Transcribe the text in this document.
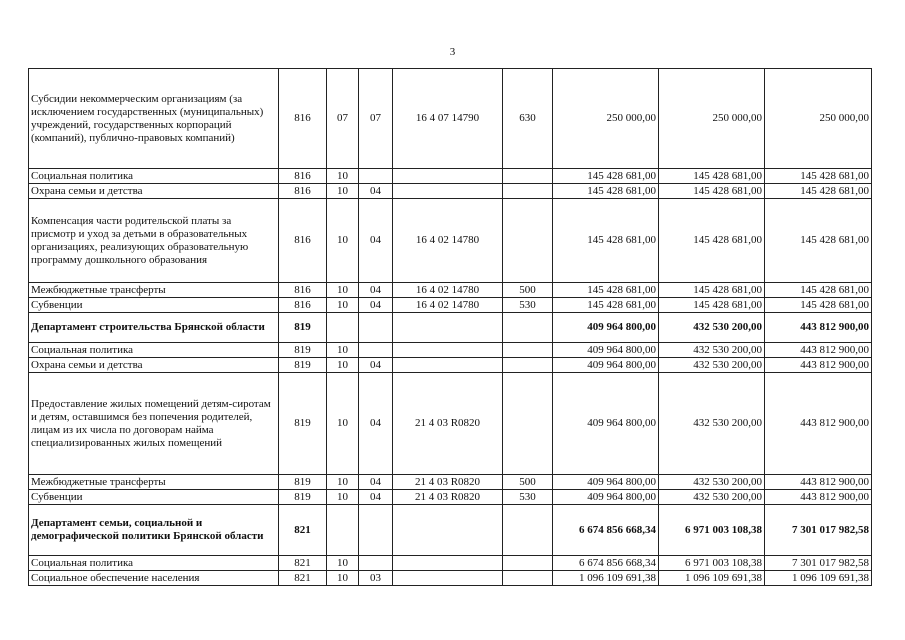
3
Субсидии некоммерческим организациям (за исключением государственных (муниципальных) учреждений, государственных корпораций (компаний), публично-правовых компаний)	816	07	07	16 4 07 14790	630	250 000,00	250 000,00	250 000,00
Социальная политика	816	10				145 428 681,00	145 428 681,00	145 428 681,00
Охрана семьи и детства	816	10	04			145 428 681,00	145 428 681,00	145 428 681,00
Компенсация части родительской платы за присмотр и уход за детьми в образовательных организациях, реализующих образовательную программу дошкольного образования	816	10	04	16 4 02 14780		145 428 681,00	145 428 681,00	145 428 681,00
Межбюджетные трансферты	816	10	04	16 4 02 14780	500	145 428 681,00	145 428 681,00	145 428 681,00
Субвенции	816	10	04	16 4 02 14780	530	145 428 681,00	145 428 681,00	145 428 681,00
Департамент строительства Брянской области	819					409 964 800,00	432 530 200,00	443 812 900,00
Социальная политика	819	10				409 964 800,00	432 530 200,00	443 812 900,00
Охрана семьи и детства	819	10	04			409 964 800,00	432 530 200,00	443 812 900,00
Предоставление жилых помещений детям-сиротам и детям, оставшимся без попечения родителей, лицам из их числа по договорам найма специализированных жилых помещений	819	10	04	21 4 03 R0820		409 964 800,00	432 530 200,00	443 812 900,00
Межбюджетные трансферты	819	10	04	21 4 03 R0820	500	409 964 800,00	432 530 200,00	443 812 900,00
Субвенции	819	10	04	21 4 03 R0820	530	409 964 800,00	432 530 200,00	443 812 900,00
Департамент семьи, социальной и демографической политики Брянской области	821					6 674 856 668,34	6 971 003 108,38	7 301 017 982,58
Социальная политика	821	10				6 674 856 668,34	6 971 003 108,38	7 301 017 982,58
Социальное обеспечение населения	821	10	03			1 096 109 691,38	1 096 109 691,38	1 096 109 691,38
